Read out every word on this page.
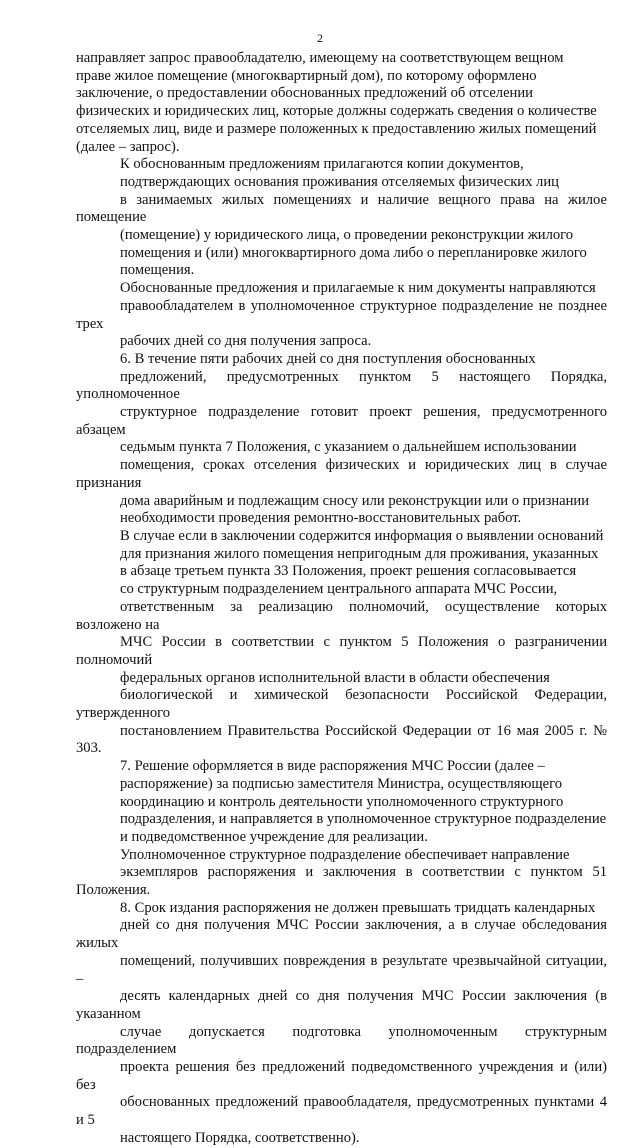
2

направляет запрос правообладателю, имеющему на соответствующем вещном
праве жилое помещение (многоквартирный дом), по которому оформлено
заключение, о предоставлении обоснованных предложений об отселении
физических и юридических лиц, которые должны содержать сведения о количестве
отселяемых лиц, виде и размере положенных к предоставлению жилых помещений
(далее – запрос).

К обоснованным предложениям прилагаются копии документов,
подтверждающих основания проживания отселяемых физических лиц
в занимаемых жилых помещениях и наличие вещного права на жилое помещение
(помещение) у юридического лица, о проведении реконструкции жилого
помещения и (или) многоквартирного дома либо о перепланировке жилого
помещения.

Обоснованные предложения и прилагаемые к ним документы направляются
правообладателем в уполномоченное структурное подразделение не позднее трех
рабочих дней со дня получения запроса.

6. В течение пяти рабочих дней со дня поступления обоснованных
предложений, предусмотренных пунктом 5 настоящего Порядка, уполномоченное
структурное подразделение готовит проект решения, предусмотренного абзацем
седьмым пункта 7 Положения, с указанием о дальнейшем использовании
помещения, сроках отселения физических и юридических лиц в случае признания
дома аварийным и подлежащим сносу или реконструкции или о признании
необходимости проведения ремонтно-восстановительных работ.

В случае если в заключении содержится информация о выявлении оснований
для признания жилого помещения непригодным для проживания, указанных
в абзаце третьем пункта 33 Положения, проект решения согласовывается
со структурным подразделением центрального аппарата МЧС России,
ответственным за реализацию полномочий, осуществление которых возложено на
МЧС России в соответствии с пунктом 5 Положения о разграничении полномочий
федеральных органов исполнительной власти в области обеспечения
биологической и химической безопасности Российской Федерации, утвержденного
постановлением Правительства Российской Федерации от 16 мая 2005 г. № 303.

7. Решение оформляется в виде распоряжения МЧС России (далее –
распоряжение) за подписью заместителя Министра, осуществляющего
координацию и контроль деятельности уполномоченного структурного
подразделения, и направляется в уполномоченное структурное подразделение
и подведомственное учреждение для реализации.

Уполномоченное структурное подразделение обеспечивает направление
экземпляров распоряжения и заключения в соответствии с пунктом 51 Положения.

8. Срок издания распоряжения не должен превышать тридцать календарных
дней со дня получения МЧС России заключения, а в случае обследования жилых
помещений, получивших повреждения в результате чрезвычайной ситуации, –
десять календарных дней со дня получения МЧС России заключения (в указанном
случае допускается подготовка уполномоченным структурным подразделением
проекта решения без предложений подведомственного учреждения и (или) без
обоснованных предложений правообладателя, предусмотренных пунктами 4 и 5
настоящего Порядка, соответственно).
